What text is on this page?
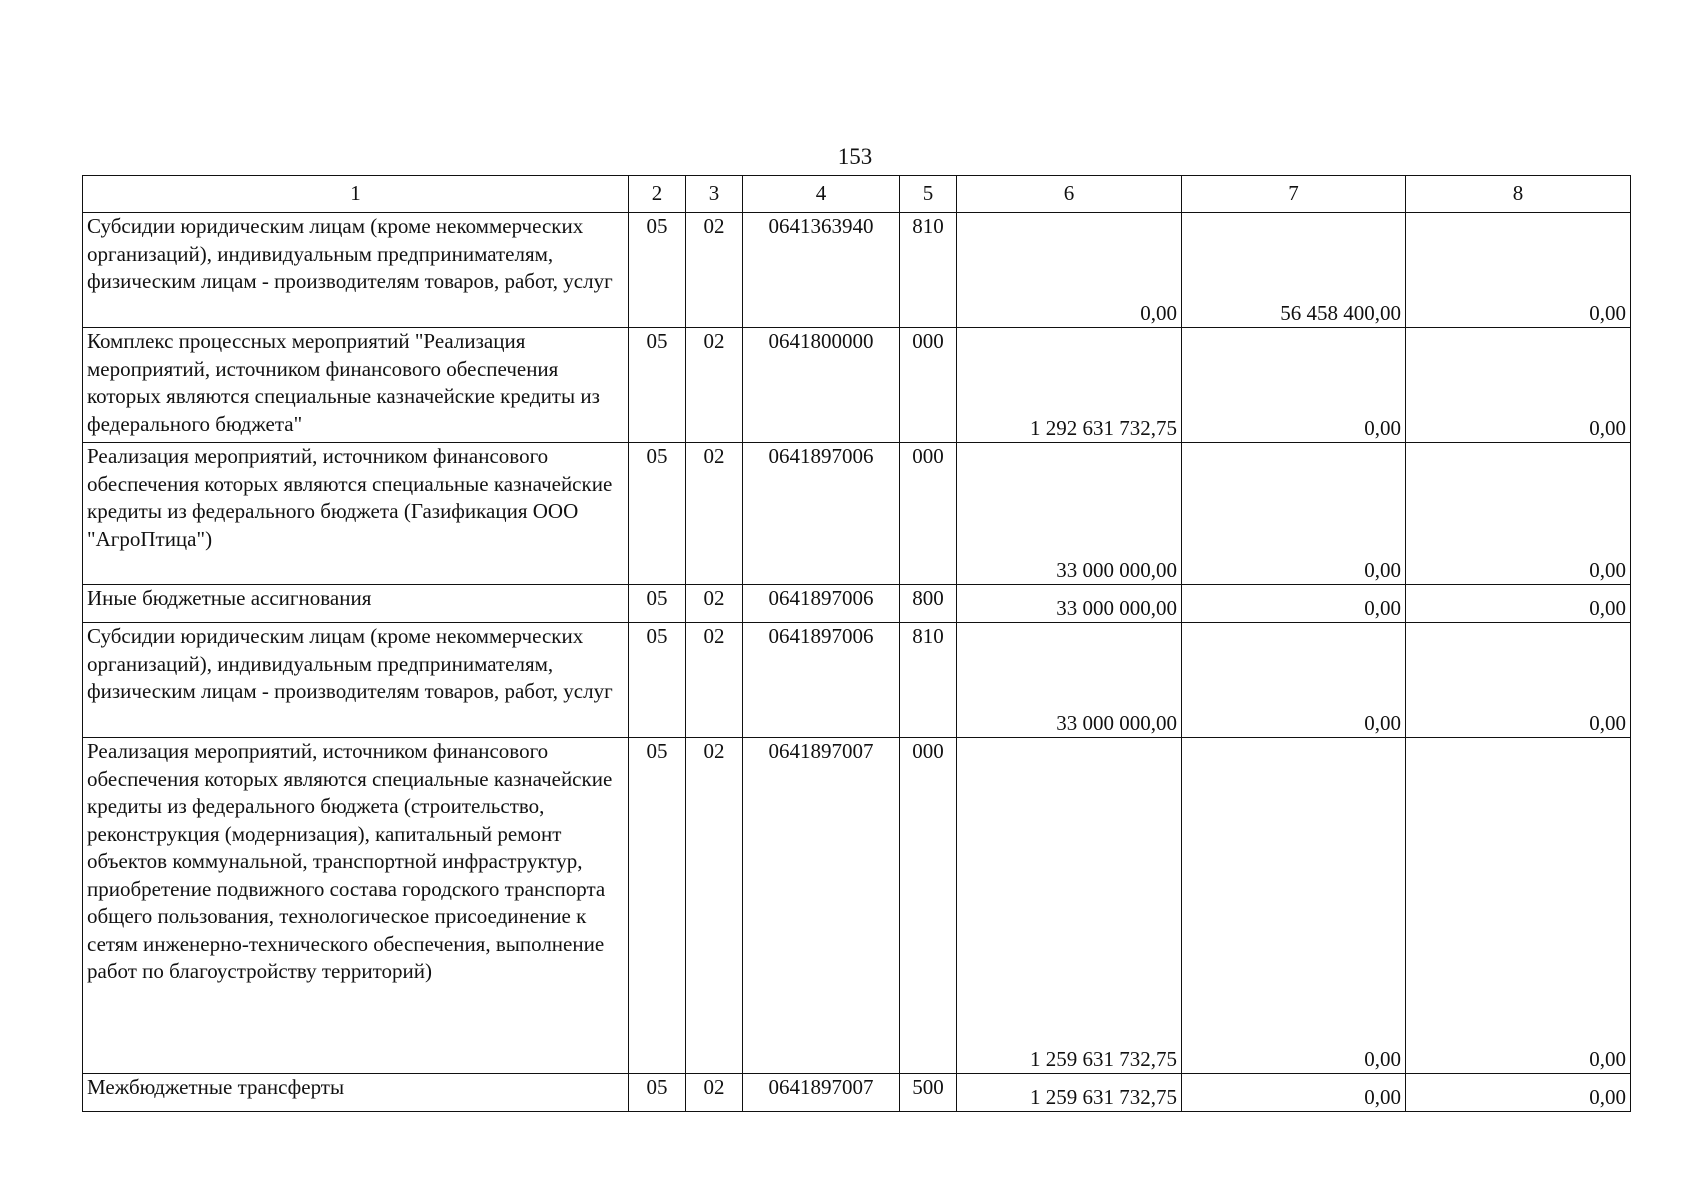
153
1	2	3	4	5	6	7	8
Субсидии юридическим лицам (кроме некоммерческих организаций), индивидуальным предпринимателям, физическим лицам - производителям товаров, работ, услуг	05	02	0641363940	810	0,00	56 458 400,00	0,00
Комплекс процессных мероприятий "Реализация мероприятий, источником финансового обеспечения которых являются специальные казначейские кредиты из федерального бюджета"	05	02	0641800000	000	1 292 631 732,75	0,00	0,00
Реализация мероприятий, источником финансового обеспечения которых являются специальные казначейские кредиты из федерального бюджета (Газификация ООО "АгроПтица")	05	02	0641897006	000	33 000 000,00	0,00	0,00
Иные бюджетные ассигнования	05	02	0641897006	800	33 000 000,00	0,00	0,00
Субсидии юридическим лицам (кроме некоммерческих организаций), индивидуальным предпринимателям, физическим лицам - производителям товаров, работ, услуг	05	02	0641897006	810	33 000 000,00	0,00	0,00
Реализация мероприятий, источником финансового обеспечения которых являются специальные казначейские кредиты из федерального бюджета (строительство, реконструкция (модернизация), капитальный ремонт объектов коммунальной, транспортной инфраструктур, приобретение подвижного состава городского транспорта общего пользования, технологическое присоединение к сетям инженерно-технического обеспечения, выполнение работ по благоустройству территорий)	05	02	0641897007	000	1 259 631 732,75	0,00	0,00
Межбюджетные трансферты	05	02	0641897007	500	1 259 631 732,75	0,00	0,00
